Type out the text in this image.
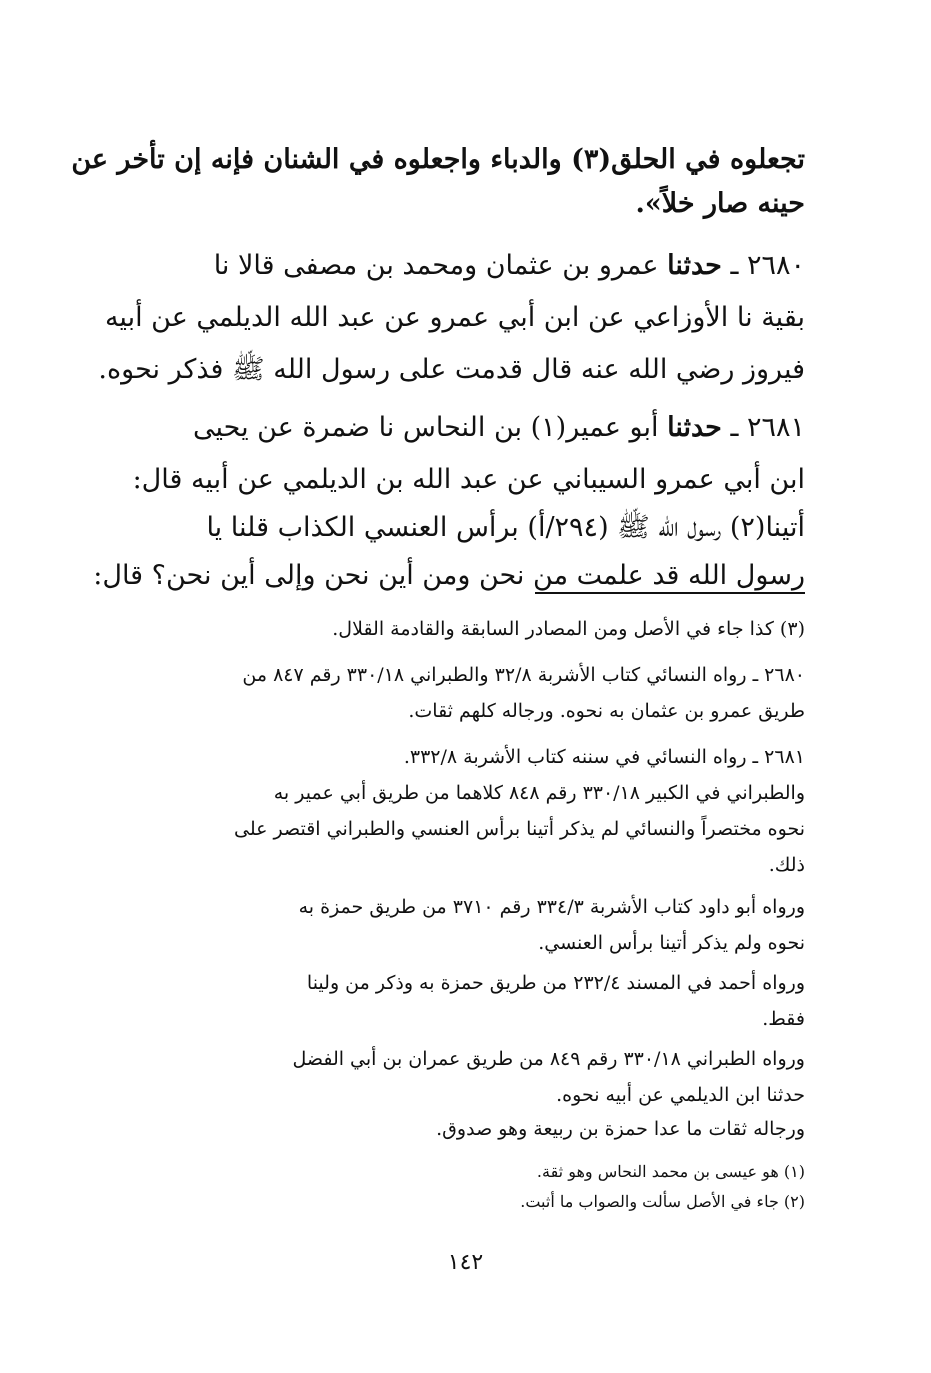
تجعلوه في الحلق(٣) والدباء واجعلوه في الشنان فإنه إن تأخر عن
حينه صار خلاً».
٢٦٨٠ ـ حدثنا عمرو بن عثمان ومحمد بن مصفى قالا نا
بقية نا الأوزاعي عن ابن أبي عمرو عن عبد الله الديلمي عن أبيه
فيروز رضي الله عنه قال قدمت على رسول الله ﷺ فذكر نحوه.
٢٦٨١ ـ حدثنا أبو عمير(١) بن النحاس نا ضمرة عن يحيى
ابن أبي عمرو السيباني عن عبد الله بن الديلمي عن أبيه قال:
أتينا(٢) رسول الله ﷺ (٢٩٤/أ) برأس العنسي الكذاب قلنا يا
رسول الله قد علمت من نحن ومن أين نحن وإلى أين نحن؟ قال:
(٣) كذا جاء في الأصل ومن المصادر السابقة والقادمة القلال.
٢٦٨٠ ـ رواه النسائي كتاب الأشربة ٣٢/٨ والطبراني ٣٣٠/١٨ رقم ٨٤٧ من
طريق عمرو بن عثمان به نحوه. ورجاله كلهم ثقات.
٢٦٨١ ـ رواه النسائي في سننه كتاب الأشربة ٣٣٢/٨.
والطبراني في الكبير ٣٣٠/١٨ رقم ٨٤٨ كلاهما من طريق أبي عمير به
نحوه مختصراً والنسائي لم يذكر أتينا برأس العنسي والطبراني اقتصر على
ذلك.
ورواه أبو داود كتاب الأشربة ٣٣٤/٣ رقم ٣٧١٠ من طريق حمزة به
نحوه ولم يذكر أتينا برأس العنسي.
ورواه أحمد في المسند ٢٣٢/٤ من طريق حمزة به وذكر من ولينا
فقط.
ورواه الطبراني ٣٣٠/١٨ رقم ٨٤٩ من طريق عمران بن أبي الفضل
حدثنا ابن الديلمي عن أبيه نحوه.
ورجاله ثقات ما عدا حمزة بن ربيعة وهو صدوق.
(١) هو عيسى بن محمد النحاس وهو ثقة.
(٢) جاء في الأصل سألت والصواب ما أثبت.
١٤٢
